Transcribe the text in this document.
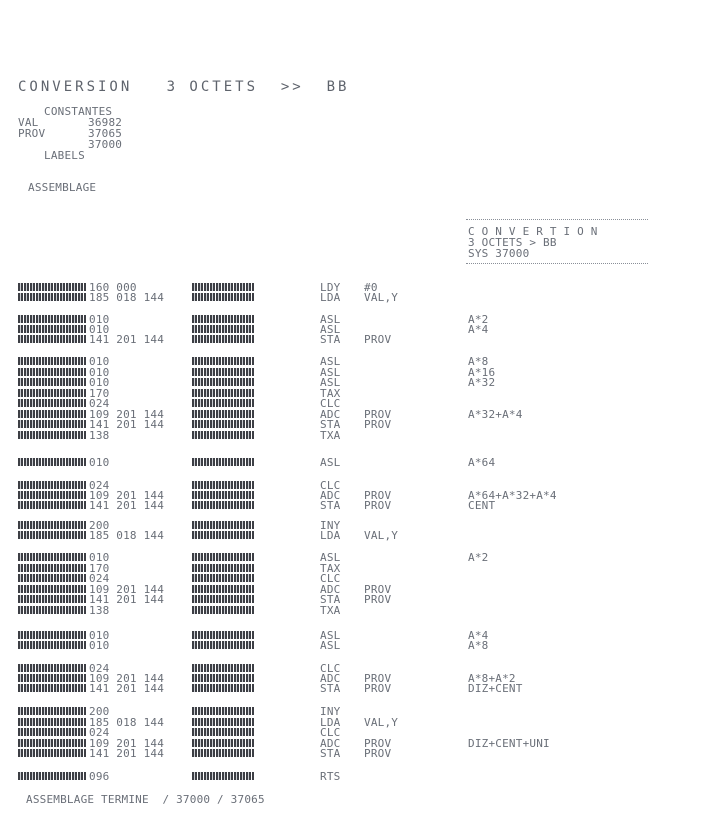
CONVERSION   3 OCTETS  >>  BB
CONSTANTES
VAL	36982
PROV	37065
37000
LABELS
ASSEMBLAGE
C O N V E R T I O N
3 OCTETS > BB
SYS 37000
160 000	LDY #0
185 018 144	LDA VAL,Y
010	ASL	A*2
010	ASL	A*4
141 201 144	STA PROV
010	ASL	A*8
010	ASL	A*16
010	ASL	A*32
170	TAX
024	CLC
109 201 144	ADC PROV	A*32+A*4
141 201 144	STA PROV
138	TXA
010	ASL	A*64
024	CLC
109 201 144	ADC PROV	A*64+A*32+A*4
141 201 144	STA PROV	CENT
200	INY
185 018 144	LDA VAL,Y
010	ASL	A*2
170	TAX
024	CLC
109 201 144	ADC PROV
141 201 144	STA PROV
138	TXA
010	ASL	A*4
010	ASL	A*8
024	CLC
109 201 144	ADC PROV	A*8+A*2
141 201 144	STA PROV	DIZ+CENT
200	INY
185 018 144	LDA VAL,Y
024	CLC
109 201 144	ADC PROV	DIZ+CENT+UNI
141 201 144	STA PROV
096	RTS
ASSEMBLAGE TERMINE  / 37000 / 37065
